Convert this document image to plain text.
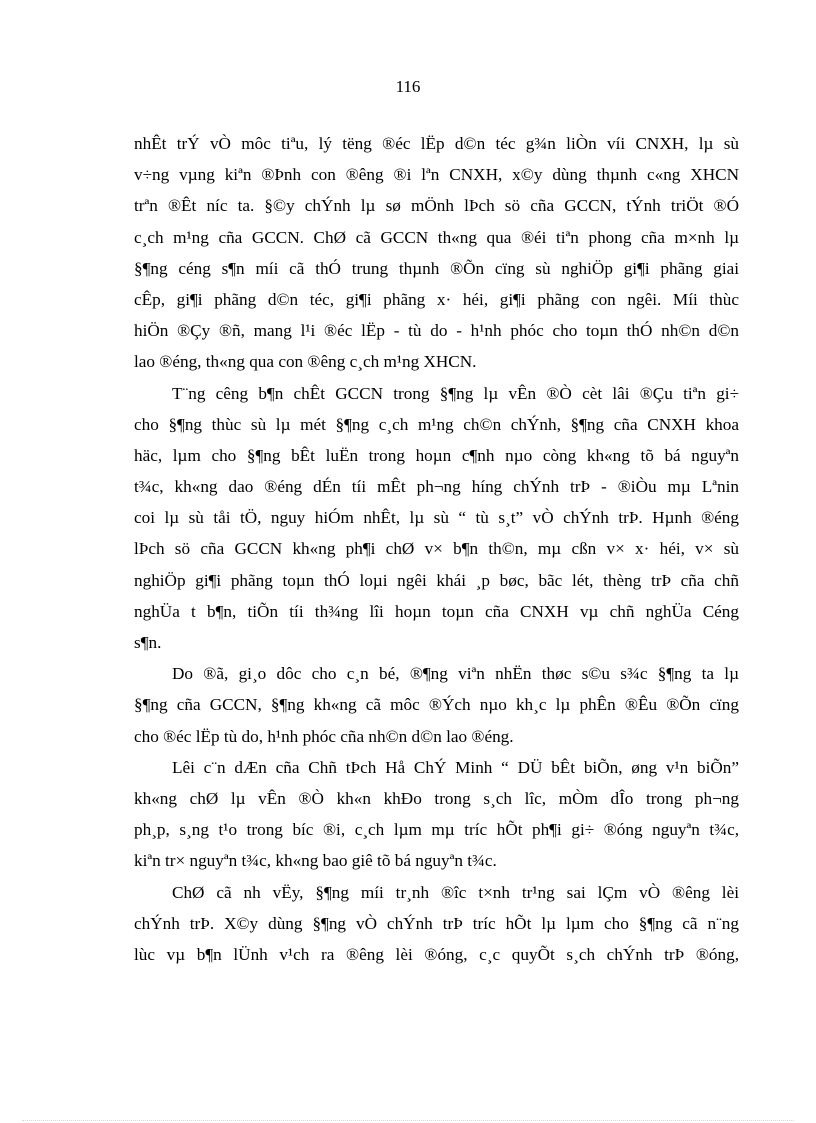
116
nhÊt trÝ vÒ môc tiªu, lý tëng ®éc lËp d©n téc g¾n liÒn víi CNXH, lµ sù
v÷ng vµng kiªn ®Þnh con ®êng ®i lªn CNXH, x©y dùng thµnh c«ng XHCN
trªn ®Êt níc ta. §©y chÝnh lµ sø mÖnh lÞch sö cña GCCN, tÝnh triÖt ®Ó
c¸ch m¹ng cña GCCN. ChØ cã GCCN th«ng qua ®éi tiªn phong cña m×nh lµ
§¶ng céng s¶n míi cã thÓ trung thµnh ®Õn cïng sù nghiÖp gi¶i phãng giai
cÊp, gi¶i phãng d©n téc, gi¶i phãng x· héi, gi¶i phãng con ngêi. Míi thùc
hiÖn ®Çy ®ñ, mang l¹i ®éc lËp - tù do - h¹nh phóc cho toµn thÓ nh©n d©n
lao ®éng, th«ng qua con ®êng c¸ch m¹ng XHCN.
T¨ng cêng b¶n chÊt GCCN trong §¶ng lµ vÊn ®Ò cèt lâi ®Çu tiªn gi÷
cho §¶ng thùc sù lµ mét §¶ng c¸ch m¹ng ch©n chÝnh, §¶ng cña CNXH khoa
häc, lµm cho §¶ng bÊt luËn trong hoµn c¶nh nµo còng kh«ng tõ bá nguyªn
t¾c, kh«ng dao ®éng dÉn tíi mÊt ph¬ng híng chÝnh trÞ - ®iÒu mµ Lªnin
coi lµ sù tåi tÖ, nguy hiÓm nhÊt, lµ sù “ tù s¸t” vÒ chÝnh trÞ. Hµnh ®éng
lÞch sö cña GCCN kh«ng ph¶i chØ v× b¶n th©n, mµ cßn v× x· héi, v× sù
nghiÖp gi¶i phãng toµn thÓ loµi ngêi khái ¸p bøc, bãc lét, thèng trÞ cña chñ
nghÜa t b¶n, tiÕn tíi th¾ng lîi hoµn toµn cña CNXH vµ chñ nghÜa Céng
s¶n.
Do ®ã, gi¸o dôc cho c¸n bé, ®¶ng viªn nhËn thøc s©u s¾c §¶ng ta lµ
§¶ng cña GCCN, §¶ng kh«ng cã môc ®Ých nµo kh¸c lµ phÊn ®Êu ®Õn cïng
cho ®éc lËp tù do, h¹nh phóc cña nh©n d©n lao ®éng.
Lêi c¨n dÆn cña Chñ tÞch Hå ChÝ Minh “ DÜ bÊt biÕn, øng v¹n biÕn”
kh«ng chØ lµ vÊn ®Ò kh«n khÐo trong s¸ch lîc, mÒm dÎo trong ph¬ng
ph¸p, s¸ng t¹o trong bíc ®i, c¸ch lµm mµ tríc hÕt ph¶i gi÷ ®óng nguyªn t¾c,
kiªn tr× nguyªn t¾c, kh«ng bao giê tõ bá nguyªn t¾c.
ChØ cã nh vËy, §¶ng míi tr¸nh ®îc t×nh tr¹ng sai lÇm vÒ ®êng lèi
chÝnh trÞ. X©y dùng §¶ng vÒ chÝnh trÞ tríc hÕt lµ lµm cho §¶ng cã n¨ng
lùc vµ b¶n lÜnh v¹ch ra ®êng lèi ®óng, c¸c quyÕt s¸ch chÝnh trÞ ®óng,
